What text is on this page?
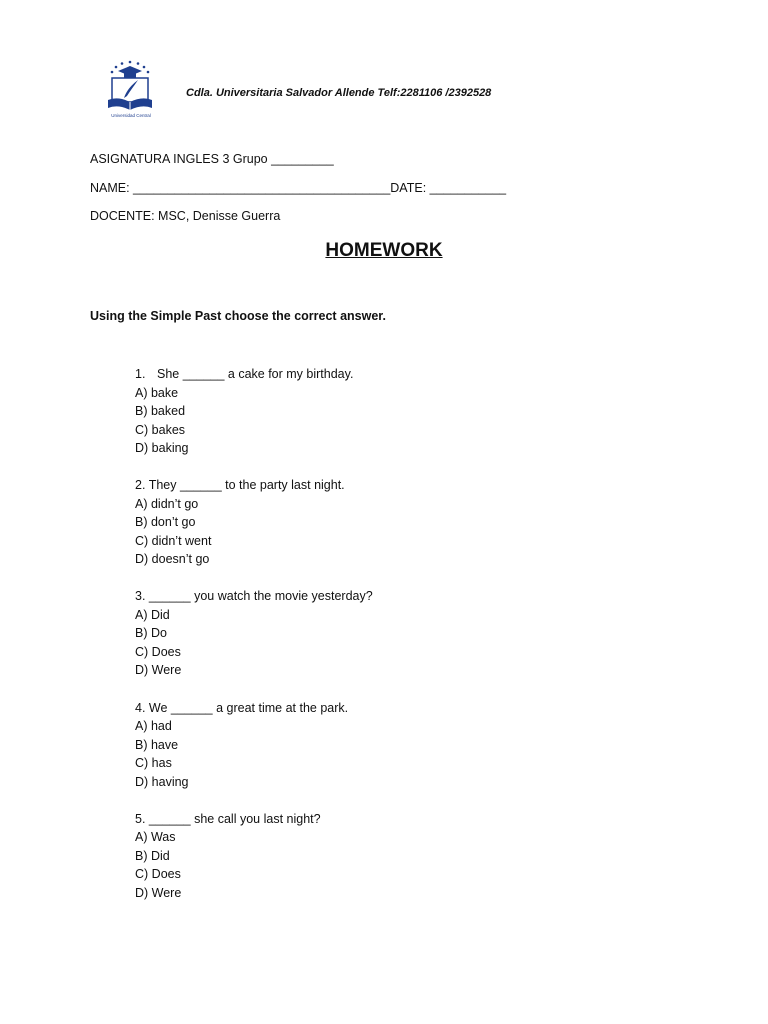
Universidad Central
Cdla. Universitaria Salvador Allende Telf:2281106 /2392528
ASIGNATURA INGLES 3 Grupo _________
NAME: _____________________________________DATE: ___________
DOCENTE: MSC, Denisse Guerra
HOMEWORK
Using the Simple Past choose the correct answer.
1. She ______ a cake for my birthday.
A) bake
B) baked
C) bakes
D) baking
2. They ______ to the party last night.
A) didn’t go
B) don’t go
C) didn’t went
D) doesn’t go
3. ______ you watch the movie yesterday?
A) Did
B) Do
C) Does
D) Were
4. We ______ a great time at the park.
A) had
B) have
C) has
D) having
5. ______ she call you last night?
A) Was
B) Did
C) Does
D) Were
